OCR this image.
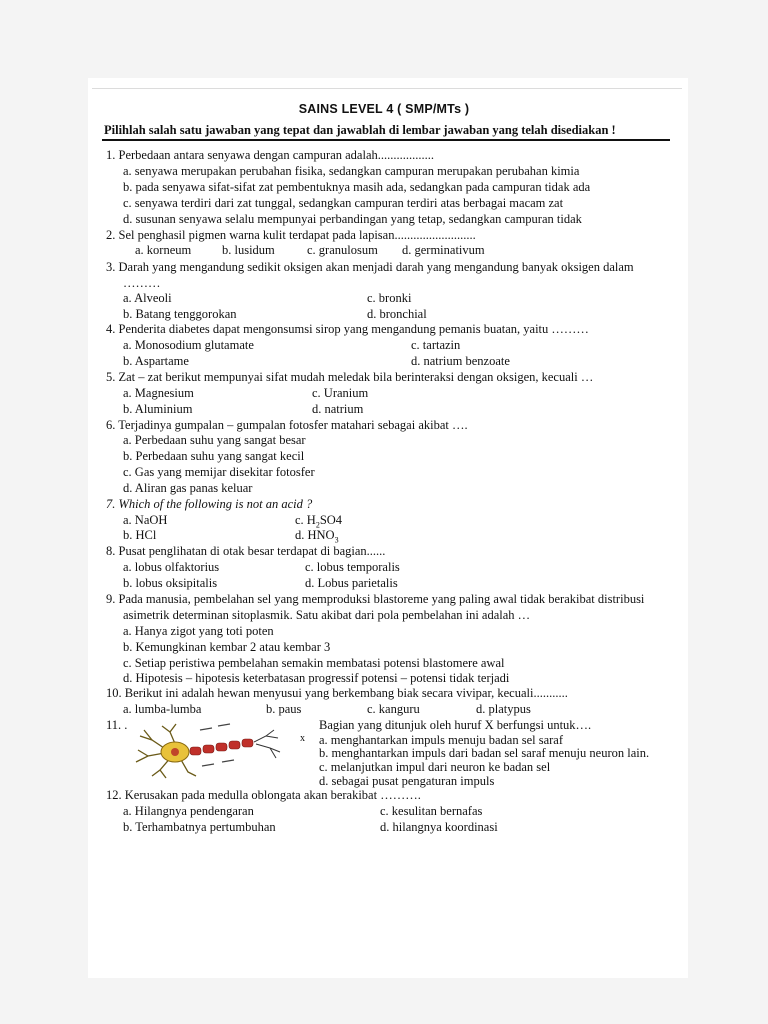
SAINS LEVEL 4 ( SMP/MTs )
Pilihlah salah satu jawaban yang tepat dan jawablah di lembar jawaban yang telah disediakan !
1. Perbedaan antara senyawa dengan campuran adalah..................
a. senyawa merupakan perubahan fisika, sedangkan campuran merupakan perubahan kimia
b. pada senyawa sifat-sifat zat pembentuknya masih ada, sedangkan pada campuran tidak ada
c. senyawa terdiri dari zat tunggal, sedangkan campuran terdiri atas berbagai macam zat
d. susunan senyawa selalu mempunyai perbandingan yang tetap, sedangkan campuran tidak
2. Sel penghasil pigmen warna kulit terdapat pada lapisan..........................
a. korneum b. lusidum	c. granulosum d. germinativum
3. Darah yang mengandung sedikit oksigen akan menjadi darah yang mengandung banyak oksigen dalam
………
a. Alveoli	c. bronki
b. Batang tenggorokan	d. bronchial
4. Penderita diabetes dapat mengonsumsi sirop yang mengandung pemanis buatan, yaitu ………
a. Monosodium glutamate	c. tartazin
b. Aspartame	d. natrium benzoate
5. Zat – zat berikut mempunyai sifat mudah meledak bila berinteraksi dengan oksigen, kecuali …
a. Magnesium	c. Uranium
b. Aluminium	d. natrium
6. Terjadinya gumpalan – gumpalan fotosfer matahari sebagai akibat ….
a. Perbedaan suhu yang sangat besar
b. Perbedaan suhu yang sangat kecil
c. Gas yang memijar disekitar fotosfer
d. Aliran gas panas keluar
7. Which of the following is not an acid ?
a. NaOH	c. $H_2SO4$
b. HCl	d. $HNO_3$
8. Pusat penglihatan di otak besar terdapat di bagian......
a. lobus olfaktorius	c. lobus temporalis
b. lobus oksipitalis	d. Lobus parietalis
9. Pada manusia, pembelahan sel yang memproduksi blastoreme yang paling awal tidak berakibat distribusi
asimetrik determinan sitoplasmik. Satu akibat dari pola pembelahan ini adalah …
a. Hanya zigot yang toti poten
b. Kemungkinan kembar 2 atau kembar 3
c. Setiap peristiwa pembelahan semakin membatasi potensi blastomere awal
d. Hipotesis – hipotesis keterbatasan progressif potensi – potensi tidak terjadi
10. Berikut ini adalah hewan menyusui yang berkembang biak secara vivipar, kecuali...........
a. lumba-lumba	b. paus	c. kanguru	d. platypus
11. .	Bagian yang ditunjuk oleh huruf X berfungsi untuk….
x a. menghantarkan impuls menuju badan sel saraf
b. menghantarkan impuls dari badan sel saraf menuju neuron lain.
c. melanjutkan impul dari neuron ke badan sel
d. sebagai pusat pengaturan impuls
12. Kerusakan pada medulla oblongata akan berakibat ……….
a. Hilangnya pendengaran	c. kesulitan bernafas
b. Terhambatnya pertumbuhan	d. hilangnya koordinasi
